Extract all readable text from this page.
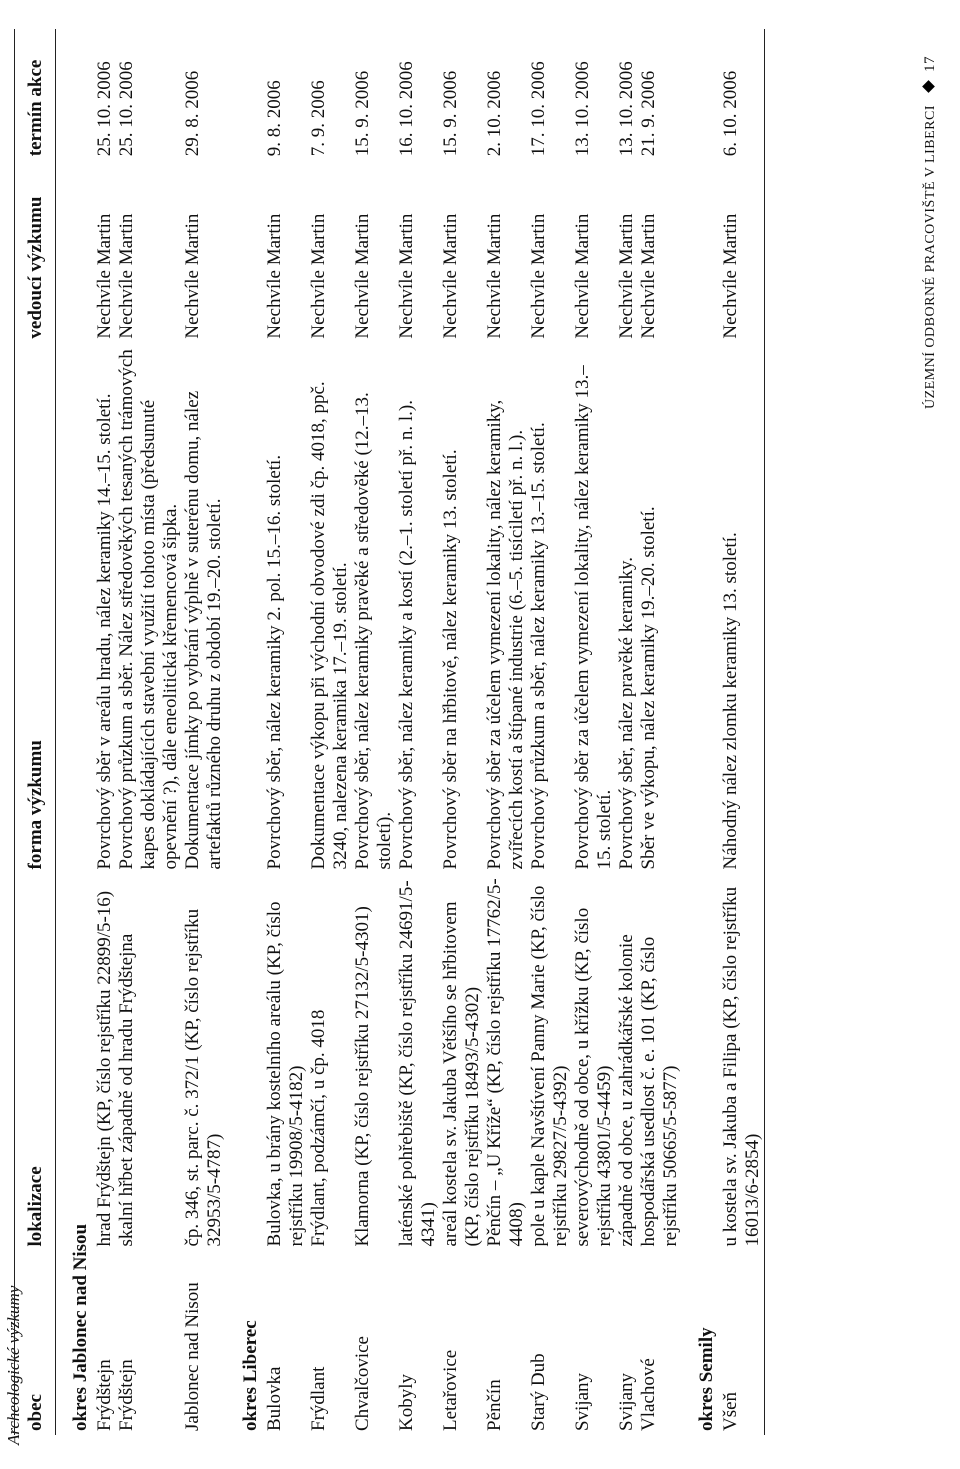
Archeologické výzkumy obec	lokalizace	forma výzkumu	vedoucí výzkumu	termín akce
okres Jablonec nad Nisou				
Frýdštejn	hrad Frýdštejn (KP, číslo rejstříku 22899/5-16)	Povrchový sběr v areálu hradu, nález keramiky 14.–15. století.	Nechvíle Martin	25. 10. 2006
Frýdštejn	skalní hřbet západně od hradu Frýdštejna	Povrchový průzkum a sběr. Nález středověkých tesaných trámových kapes dokládajících stavební využití tohoto místa (předsunuté opevnění ?), dále eneolitická křemencová šipka.	Nechvíle Martin	25. 10. 2006
Jablonec nad Nisou	čp. 346, st. parc. č. 372/1 (KP, číslo rejstříku 32953/5-4787)	Dokumentace jímky po vybrání výplně v suterénu domu, nález artefaktů různého druhu z období 19.–20. století.	Nechvíle Martin	29. 8. 2006
okres Liberec				
Bulovka	Bulovka, u brány kostelního areálu (KP, číslo rejstříku 19908/5-4182)	Povrchový sběr, nález keramiky 2. pol. 15.–16. století.	Nechvíle Martin	9. 8. 2006
Frýdlant	Frýdlant, podzámčí, u čp. 4018	Dokumentace výkopu při východní obvodové zdi čp. 4018, ppč. 3240, nalezena keramika 17.–19. století.	Nechvíle Martin	7. 9. 2006
Chvalčovice	Klamorna (KP, číslo rejstříku 27132/5-4301)	Povrchový sběr, nález keramiky pravěké a středověké (12.–13. století).	Nechvíle Martin	15. 9. 2006
Kobyly	laténské pohřebiště (KP, číslo rejstříku 24691/5-4341)	Povrchový sběr, nález keramiky a kostí (2.–1. století př. n. l.).	Nechvíle Martin	16. 10. 2006
Letařovice	areál kostela sv. Jakuba Většího se hřbitovem (KP, číslo rejstříku 18493/5-4302)	Povrchový sběr na hřbitově, nález keramiky 13. století.	Nechvíle Martin	15. 9. 2006
Pěnčín	Pěnčín – „U Kříže“ (KP, číslo rejstříku 17762/5-4408)	Povrchový sběr za účelem vymezení lokality, nález keramiky, zvířecích kostí a štípané industrie (6.–5. tisíciletí př. n. l.).	Nechvíle Martin	2. 10. 2006
Starý Dub	pole u kaple Navštívení Panny Marie (KP, číslo rejstříku 29827/5-4392)	Povrchový průzkum a sběr, nález keramiky 13.–15. století.	Nechvíle Martin	17. 10. 2006
Svijany	severovýchodně od obce, u křížku (KP, číslo rejstříku 43801/5-4459)	Povrchový sběr za účelem vymezení lokality, nález keramiky 13.–15. století.	Nechvíle Martin	13. 10. 2006
Svijany	západně od obce, u zahrádkářské kolonie	Povrchový sběr, nález pravěké keramiky.	Nechvíle Martin	13. 10. 2006
Vlachové	hospodářská usedlost č. e. 101 (KP, číslo rejstříku 50665/5-5877)	Sběr ve výkopu, nález keramiky 19.–20. století.	Nechvíle Martin	21. 9. 2006
okres Semily				
Všeň	u kostela sv. Jakuba a Filipa (KP, číslo rejstříku 16013/6-2854)	Náhodný nález zlomku keramiky 13. století.	Nechvíle Martin	6. 10. 2006	ÚZEMNÍ ODBORNÉ PRACOVIŠTĚ V LIBERCI17
